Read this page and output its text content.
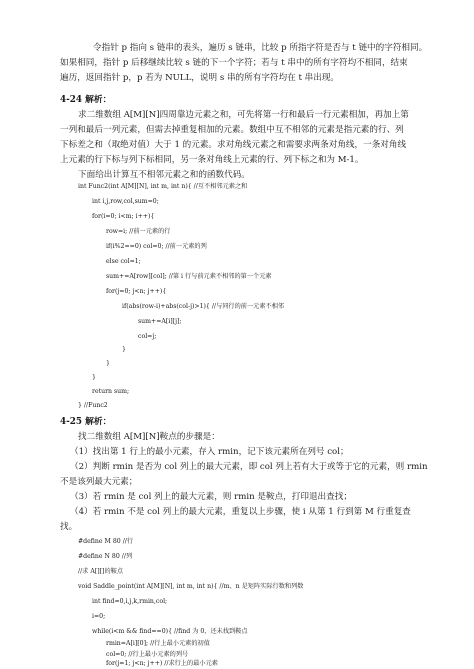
令指针 p 指向 s 链串的表头，遍历 s 链串，比较 p 所指字符是否与 t 链中的字符相同。
如果相同，指针 p 后移继续比较 s 链的下一个字符；若与 t 串中的所有字符均不相同，结束
遍历，返回指针 p，p 若为 NULL，说明 s 串的所有字符均在 t 串出现。
4-24 解析：
求二维数组 A[M][N]四周靠边元素之和，可先将第一行和最后一行元素相加，再加上第
一列和最后一列元素，但需去掉重复相加的元素。数组中互不相邻的元素是指元素的行、列
下标差之和（取绝对值）大于 1 的元素。求对角线元素之和需要求两条对角线，一条对角线
上元素的行下标与列下标相同，另一条对角线上元素的行、列下标之和为 M-1。
下面给出计算互不相邻元素之和的函数代码。
int Func2(int A[M][N], int m, int n){ //互不相邻元素之和
int i,j,row,col,sum=0;
for(i=0; i<m; i++){
row=i; //前一元素的行
if(i%2==0) col=0; //前一元素的列
else col=1;
sum+=A[row][col]; //第 i 行与前元素不相邻的第一个元素
for(j=0; j<n; j++){
if(abs(row-i)+abs(col-j)>1){ //与同行的前一元素不相邻
sum+=A[i][j];
col=j;
}
}
}
return sum;
} //Func2
4-25 解析：
找二维数组 A[M][N]鞍点的步骤是：
（1）找出第 1 行上的最小元素，存入 rmin，记下该元素所在列号 col；
（2）判断 rmin 是否为 col 列上的最大元素，即 col 列上若有大于或等于它的元素，则 rmin
不是该列最大元素；
（3）若 rmin 是 col 列上的最大元素，则 rmin 是鞍点，打印退出查找；
（4）若 rmin 不是 col 列上的最大元素，重复以上步骤，使 i 从第 1 行到第 M 行重复查
找。
#define M 80 //行
#define N 80 //列
//求 A[][]的鞍点
void Saddle_point(int A[M][N], int m, int n){ //m、n 是矩阵实际行数和列数
int find=0,i,j,k,rmin,col;
i=0;
while(i<m && find==0){ //find 为 0，还未找到鞍点
rmin=A[i][0]; //行上最小元素的初值
col=0; //行上最小元素的列号
for(j=1; j<n; j++) //求行上的最小元素
